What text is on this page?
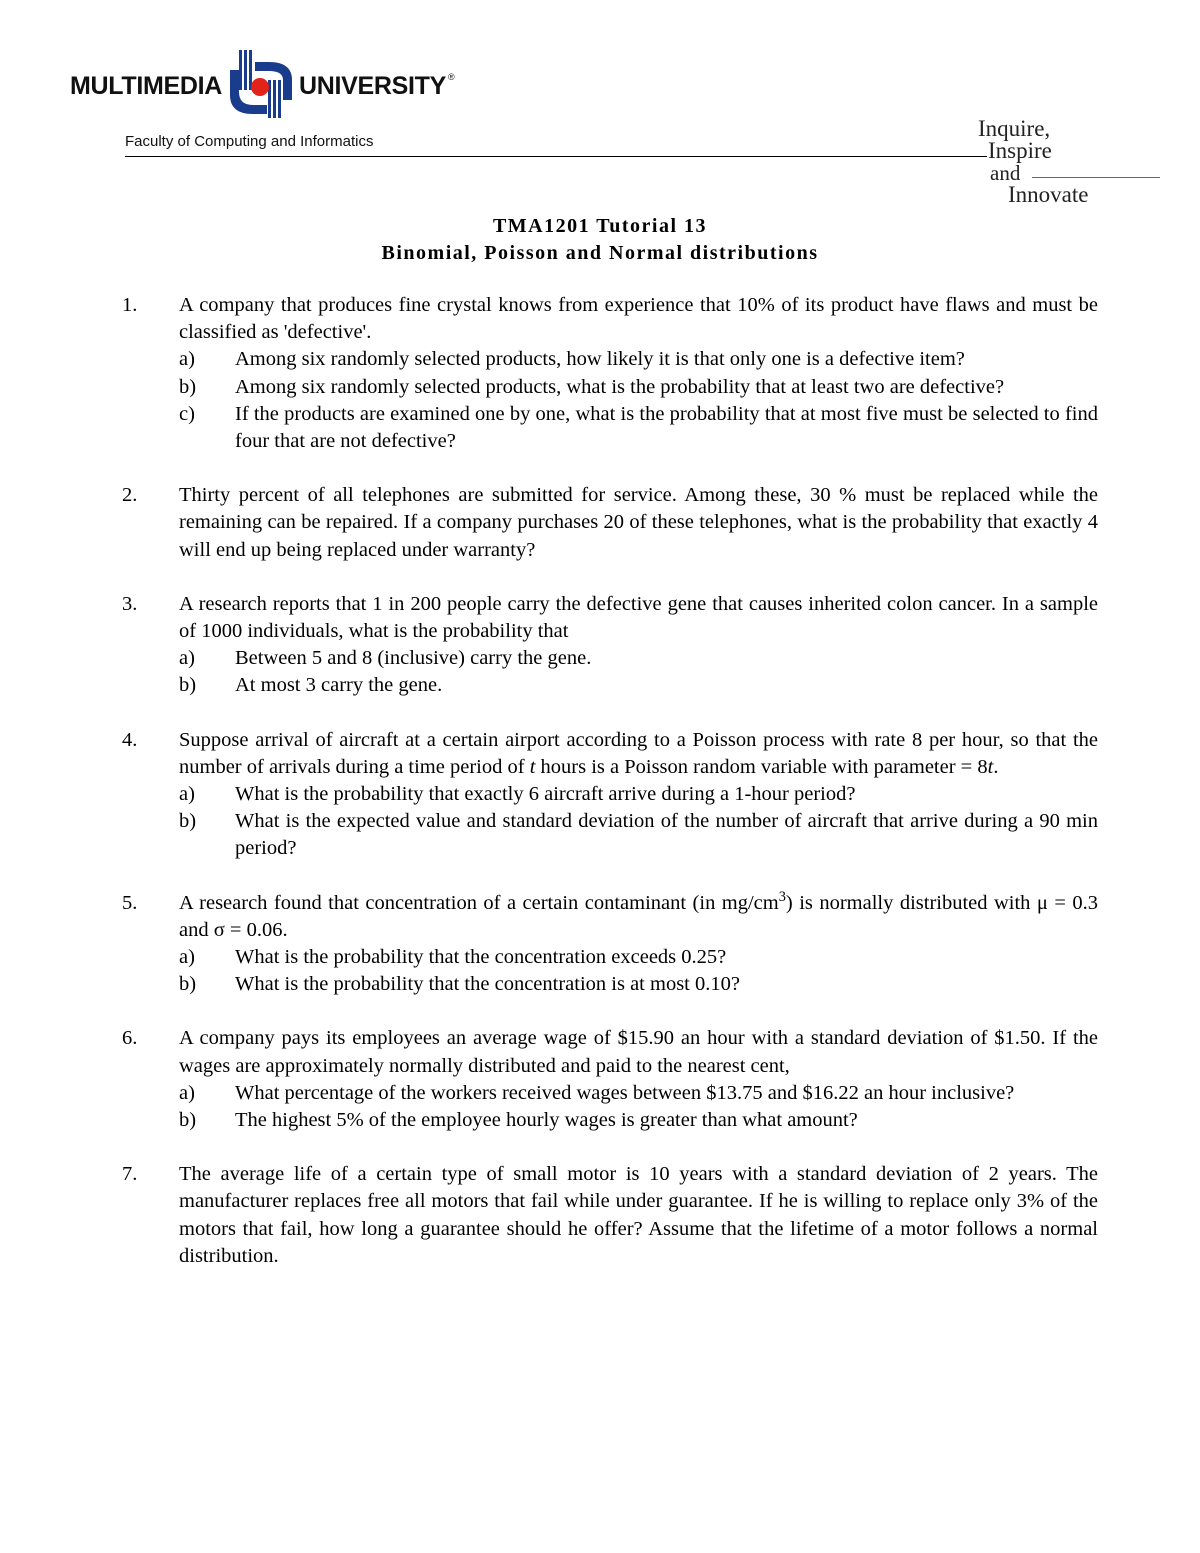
MULTIMEDIA	UNIVERSITY ®
Faculty of Computing and Informatics
Inquire,
Inspire
and
Innovate
TMA1201 Tutorial 13
Binomial, Poisson and Normal distributions
1.	A company that produces fine crystal knows from experience that 10% of its product have flaws and must be classified as 'defective'.
a)	Among six randomly selected products, how likely it is that only one is a defective item?
b)	Among six randomly selected products, what is the probability that at least two are defective?
c)	If the products are examined one by one, what is the probability that at most five must be selected to find four that are not defective?
2.	Thirty percent of all telephones are submitted for service. Among these, 30 % must be replaced while the remaining can be repaired. If a company purchases 20 of these telephones, what is the probability that exactly 4 will end up being replaced under warranty?
3.	A research reports that 1 in 200 people carry the defective gene that causes inherited colon cancer. In a sample of 1000 individuals, what is the probability that
a)	Between 5 and 8 (inclusive) carry the gene.
b)	At most 3 carry the gene.
4.	Suppose arrival of aircraft at a certain airport according to a Poisson process with rate 8 per hour, so that the number of arrivals during a time period of t hours is a Poisson random variable with parameter = 8t.
a)	What is the probability that exactly 6 aircraft arrive during a 1-hour period?
b)	What is the expected value and standard deviation of the number of aircraft that arrive during a 90 min period?
5.	A research found that concentration of a certain contaminant (in $mg/cm^3$) is normally distributed with μ = 0.3 and σ = 0.06.
a)	What is the probability that the concentration exceeds 0.25?
b)	What is the probability that the concentration is at most 0.10?
6.	A company pays its employees an average wage of $15.90 an hour with a standard deviation of $1.50. If the wages are approximately normally distributed and paid to the nearest cent,
a)	What percentage of the workers received wages between $13.75 and $16.22 an hour inclusive?
b)	The highest 5% of the employee hourly wages is greater than what amount?
7.	The average life of a certain type of small motor is 10 years with a standard deviation of 2 years. The manufacturer replaces free all motors that fail while under guarantee. If he is willing to replace only 3% of the motors that fail, how long a guarantee should he offer? Assume that the lifetime of a motor follows a normal distribution.
